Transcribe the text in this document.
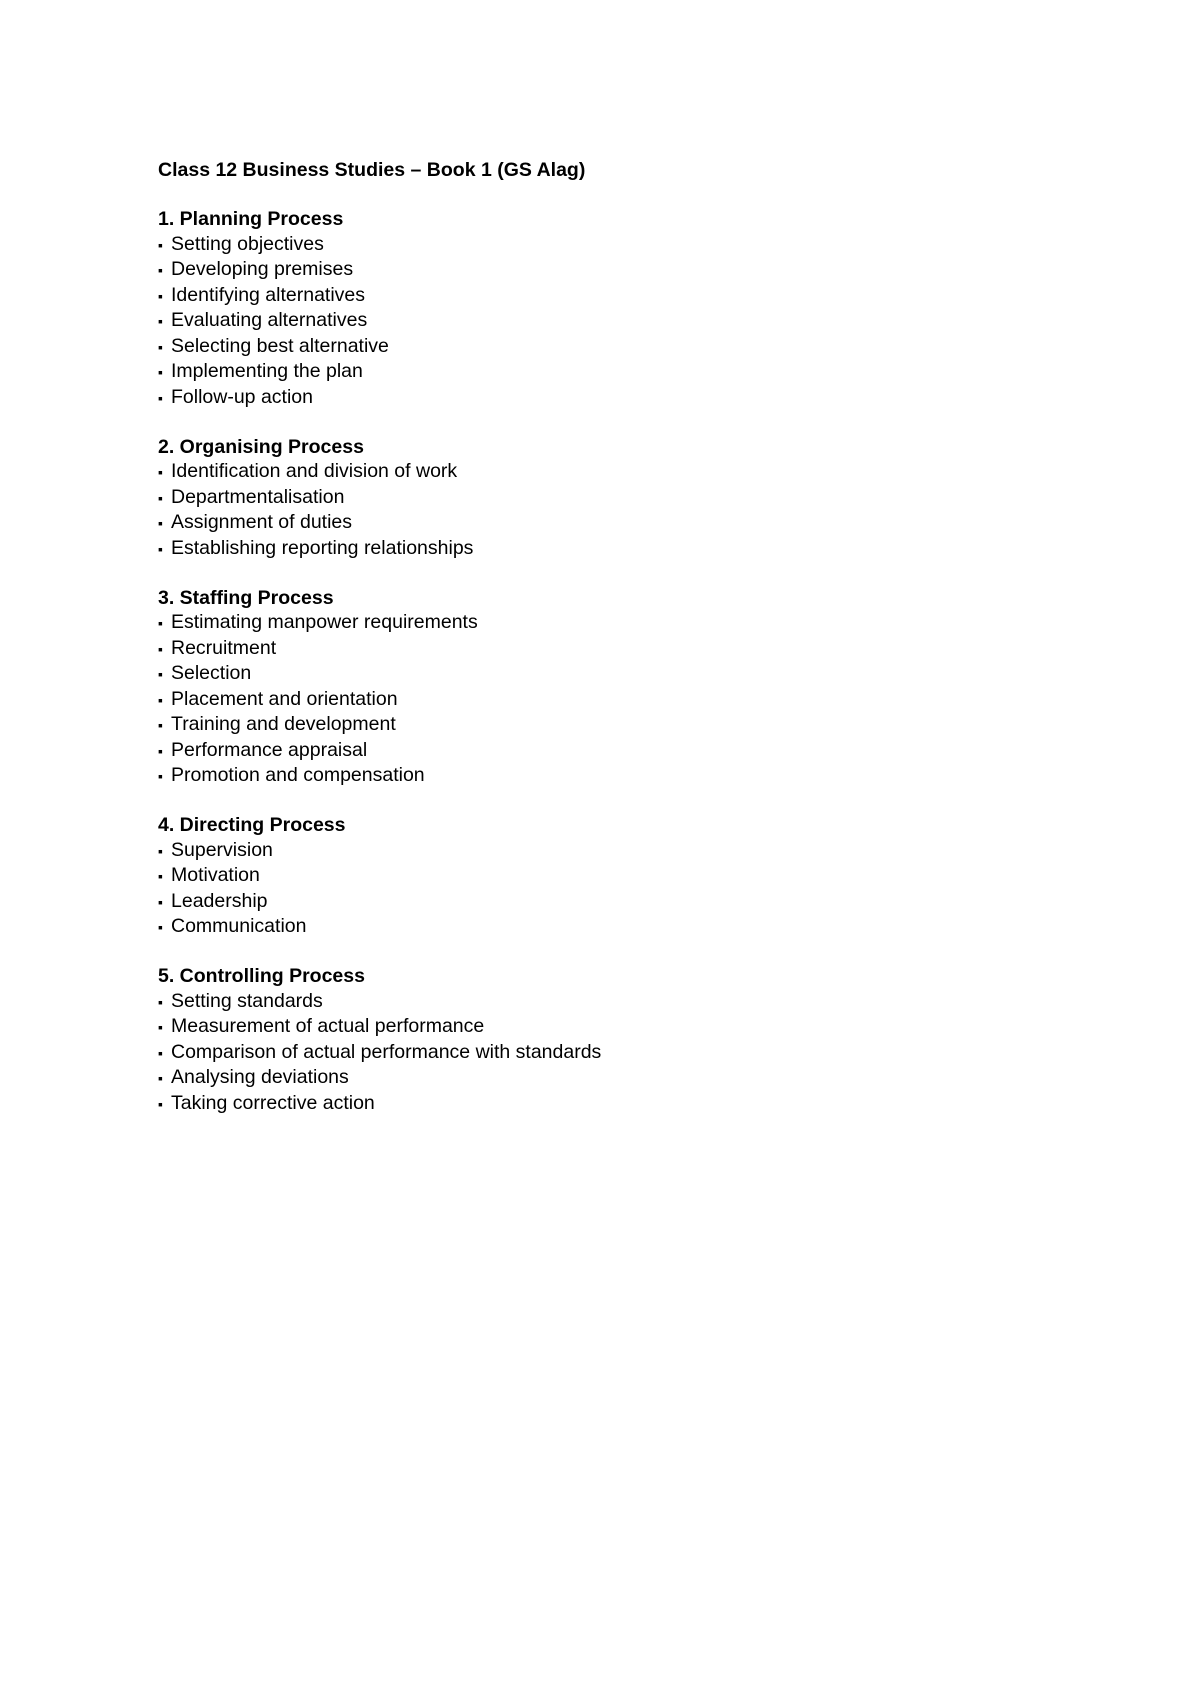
Class 12 Business Studies – Book 1 (GS Alag)
1. Planning Process
▪ Setting objectives
▪ Developing premises
▪ Identifying alternatives
▪ Evaluating alternatives
▪ Selecting best alternative
▪ Implementing the plan
▪ Follow-up action
2. Organising Process
▪ Identification and division of work
▪ Departmentalisation
▪ Assignment of duties
▪ Establishing reporting relationships
3. Staffing Process
▪ Estimating manpower requirements
▪ Recruitment
▪ Selection
▪ Placement and orientation
▪ Training and development
▪ Performance appraisal
▪ Promotion and compensation
4. Directing Process
▪ Supervision
▪ Motivation
▪ Leadership
▪ Communication
5. Controlling Process
▪ Setting standards
▪ Measurement of actual performance
▪ Comparison of actual performance with standards
▪ Analysing deviations
▪ Taking corrective action
